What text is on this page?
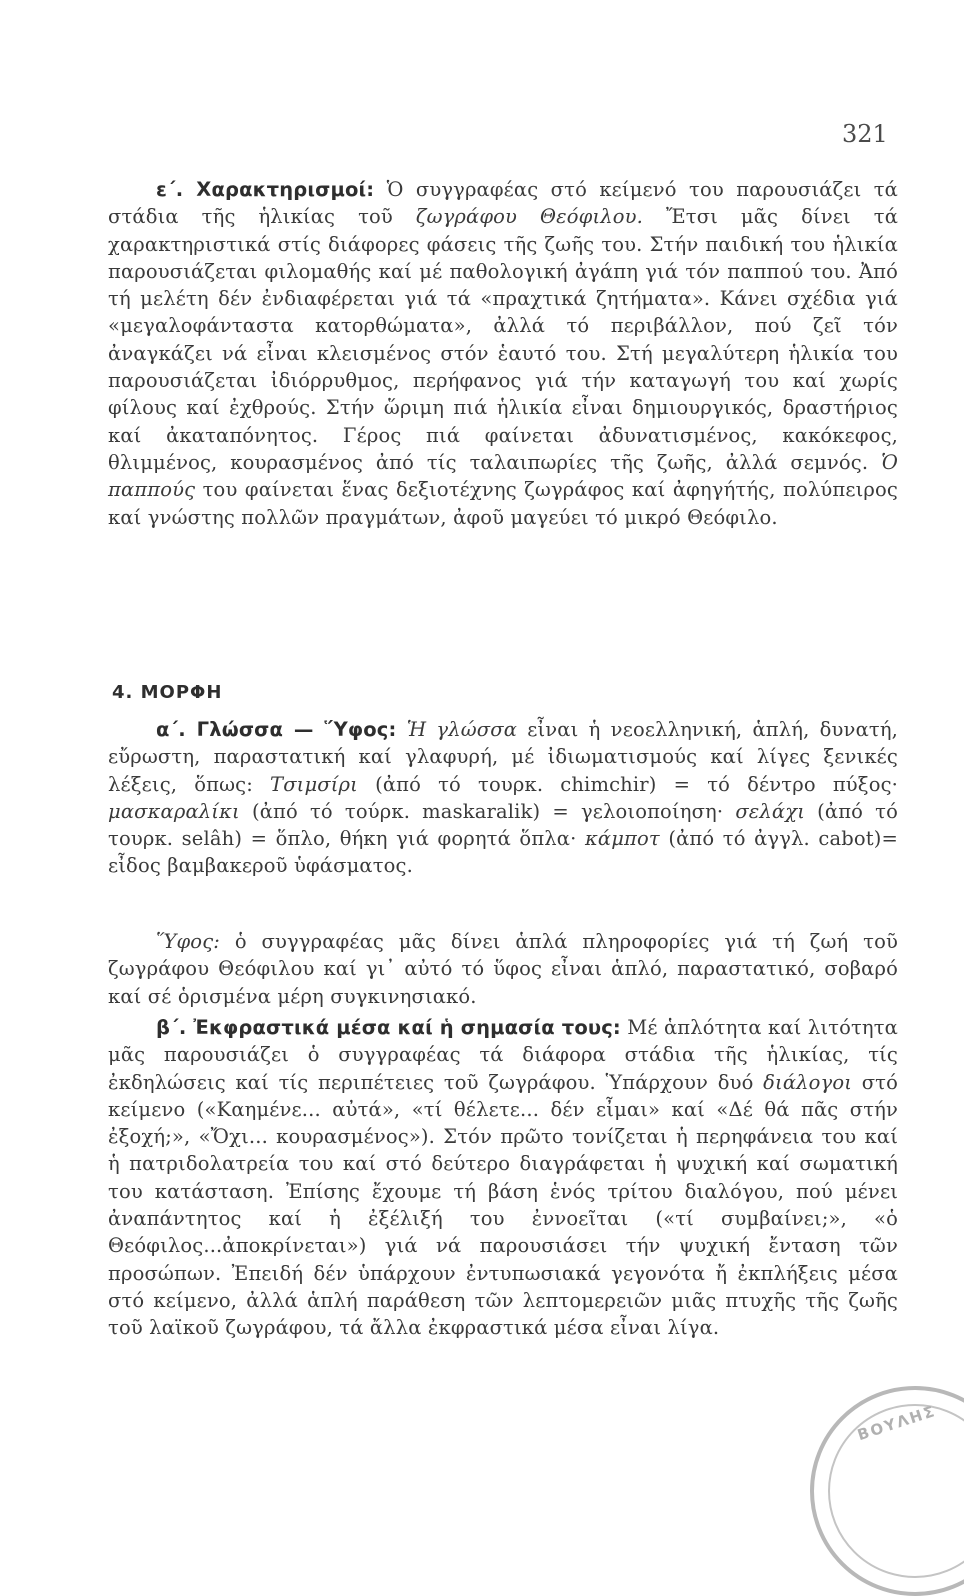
321
ε΄. Χαρακτηρισμοί: Ὁ συγγραφέας στό κείμενό του παρουσιάζει τά στάδια τῆς ἡλικίας τοῦ ζωγράφου Θεόφιλου. Ἔτσι μᾶς δίνει τά χαρακτηριστικά στίς διάφορες φάσεις τῆς ζωῆς του. Στήν παιδική του ἡλικία παρουσιάζεται φιλομαθής καί μέ παθολογική ἀγάπη γιά τόν παππού του. Ἀπό τή μελέτη δέν ἐνδιαφέρεται γιά τά «πραχτικά ζητήματα». Κάνει σχέδια γιά «μεγαλοφάνταστα κατορθώματα», ἀλλά τό περιβάλλον, πού ζεῖ τόν ἀναγκάζει νά εἶναι κλεισμένος στόν ἑαυτό του. Στή μεγαλύτερη ἡλικία του παρουσιάζεται ἰδιόρρυθμος, περήφανος γιά τήν καταγωγή του καί χωρίς φίλους καί ἐχθρούς. Στήν ὥριμη πιά ἡλικία εἶναι δημιουργικός, δραστήριος καί ἀκαταπόνητος. Γέρος πιά φαίνεται ἀδυνατισμένος, κακόκεφος, θλιμμένος, κουρασμένος ἀπό τίς ταλαιπωρίες τῆς ζωῆς, ἀλλά σεμνός. Ὁ παππούς του φαίνεται ἕνας δεξιοτέχνης ζωγράφος καί ἀφηγήτής, πολύπειρος καί γνώστης πολλῶν πραγμάτων, ἀφοῦ μαγεύει τό μικρό Θεόφιλο.
4. ΜΟΡΦΗ
α΄. Γλώσσα — Ὕφος: Ἡ γλώσσα εἶναι ἡ νεοελληνική, ἁπλή, δυνατή, εὔρωστη, παραστατική καί γλαφυρή, μέ ἰδιωματισμούς καί λίγες ξενικές λέξεις, ὅπως: Τσιμσίρι (ἀπό τό τουρκ. chimchir) = τό δέντρο πύξος· μασκαραλίκι (ἀπό τό τούρκ. maskaralik) = γελοιοποίηση· σελάχι (ἀπό τό τουρκ. selâh) = ὅπλο, θήκη γιά φορητά ὅπλα· κάμποτ (ἀπό τό ἀγγλ. cabot)= εἶδος βαμβακεροῦ ὑφάσματος.
Ὕφος: ὁ συγγραφέας μᾶς δίνει ἁπλά πληροφορίες γιά τή ζωή τοῦ ζωγράφου Θεόφιλου καί γι᾿ αὐτό τό ὕφος εἶναι ἁπλό, παραστατικό, σοβαρό καί σέ ὁρισμένα μέρη συγκινησιακό.
β΄. Ἐκφραστικά μέσα καί ἡ σημασία τους: Μέ ἁπλότητα καί λιτότητα μᾶς παρουσιάζει ὁ συγγραφέας τά διάφορα στάδια τῆς ἡλικίας, τίς ἐκδηλώσεις καί τίς περιπέτειες τοῦ ζωγράφου. Ὑπάρχουν δυό διάλογοι στό κείμενο («Καημένε... αὐτά», «τί θέλετε... δέν εἶμαι» καί «Δέ θά πᾶς στήν ἐξοχή;», «Ὄχι... κουρασμένος»). Στόν πρῶτο τονίζεται ἡ περηφάνεια του καί ἡ πατριδολατρεία του καί στό δεύτερο διαγράφεται ἡ ψυχική καί σωματική του κατάσταση. Ἐπίσης ἔχουμε τή βάση ἑνός τρίτου διαλόγου, πού μένει ἀναπάντητος καί ἡ ἐξέλιξή του ἐννοεῖται («τί συμβαίνει;», «ὁ Θεόφιλος...ἀποκρίνεται») γιά νά παρουσιάσει τήν ψυχική ἔνταση τῶν προσώπων. Ἐπειδή δέν ὑπάρχουν ἐντυπωσιακά γεγονότα ἤ ἐκπλήξεις μέσα στό κείμενο, ἀλλά ἁπλή παράθεση τῶν λεπτομερειῶν μιᾶς πτυχῆς τῆς ζωῆς τοῦ λαϊκοῦ ζωγράφου, τά ἄλλα ἐκφραστικά μέσα εἶναι λίγα.
ΒΟΥΛΗΣ
